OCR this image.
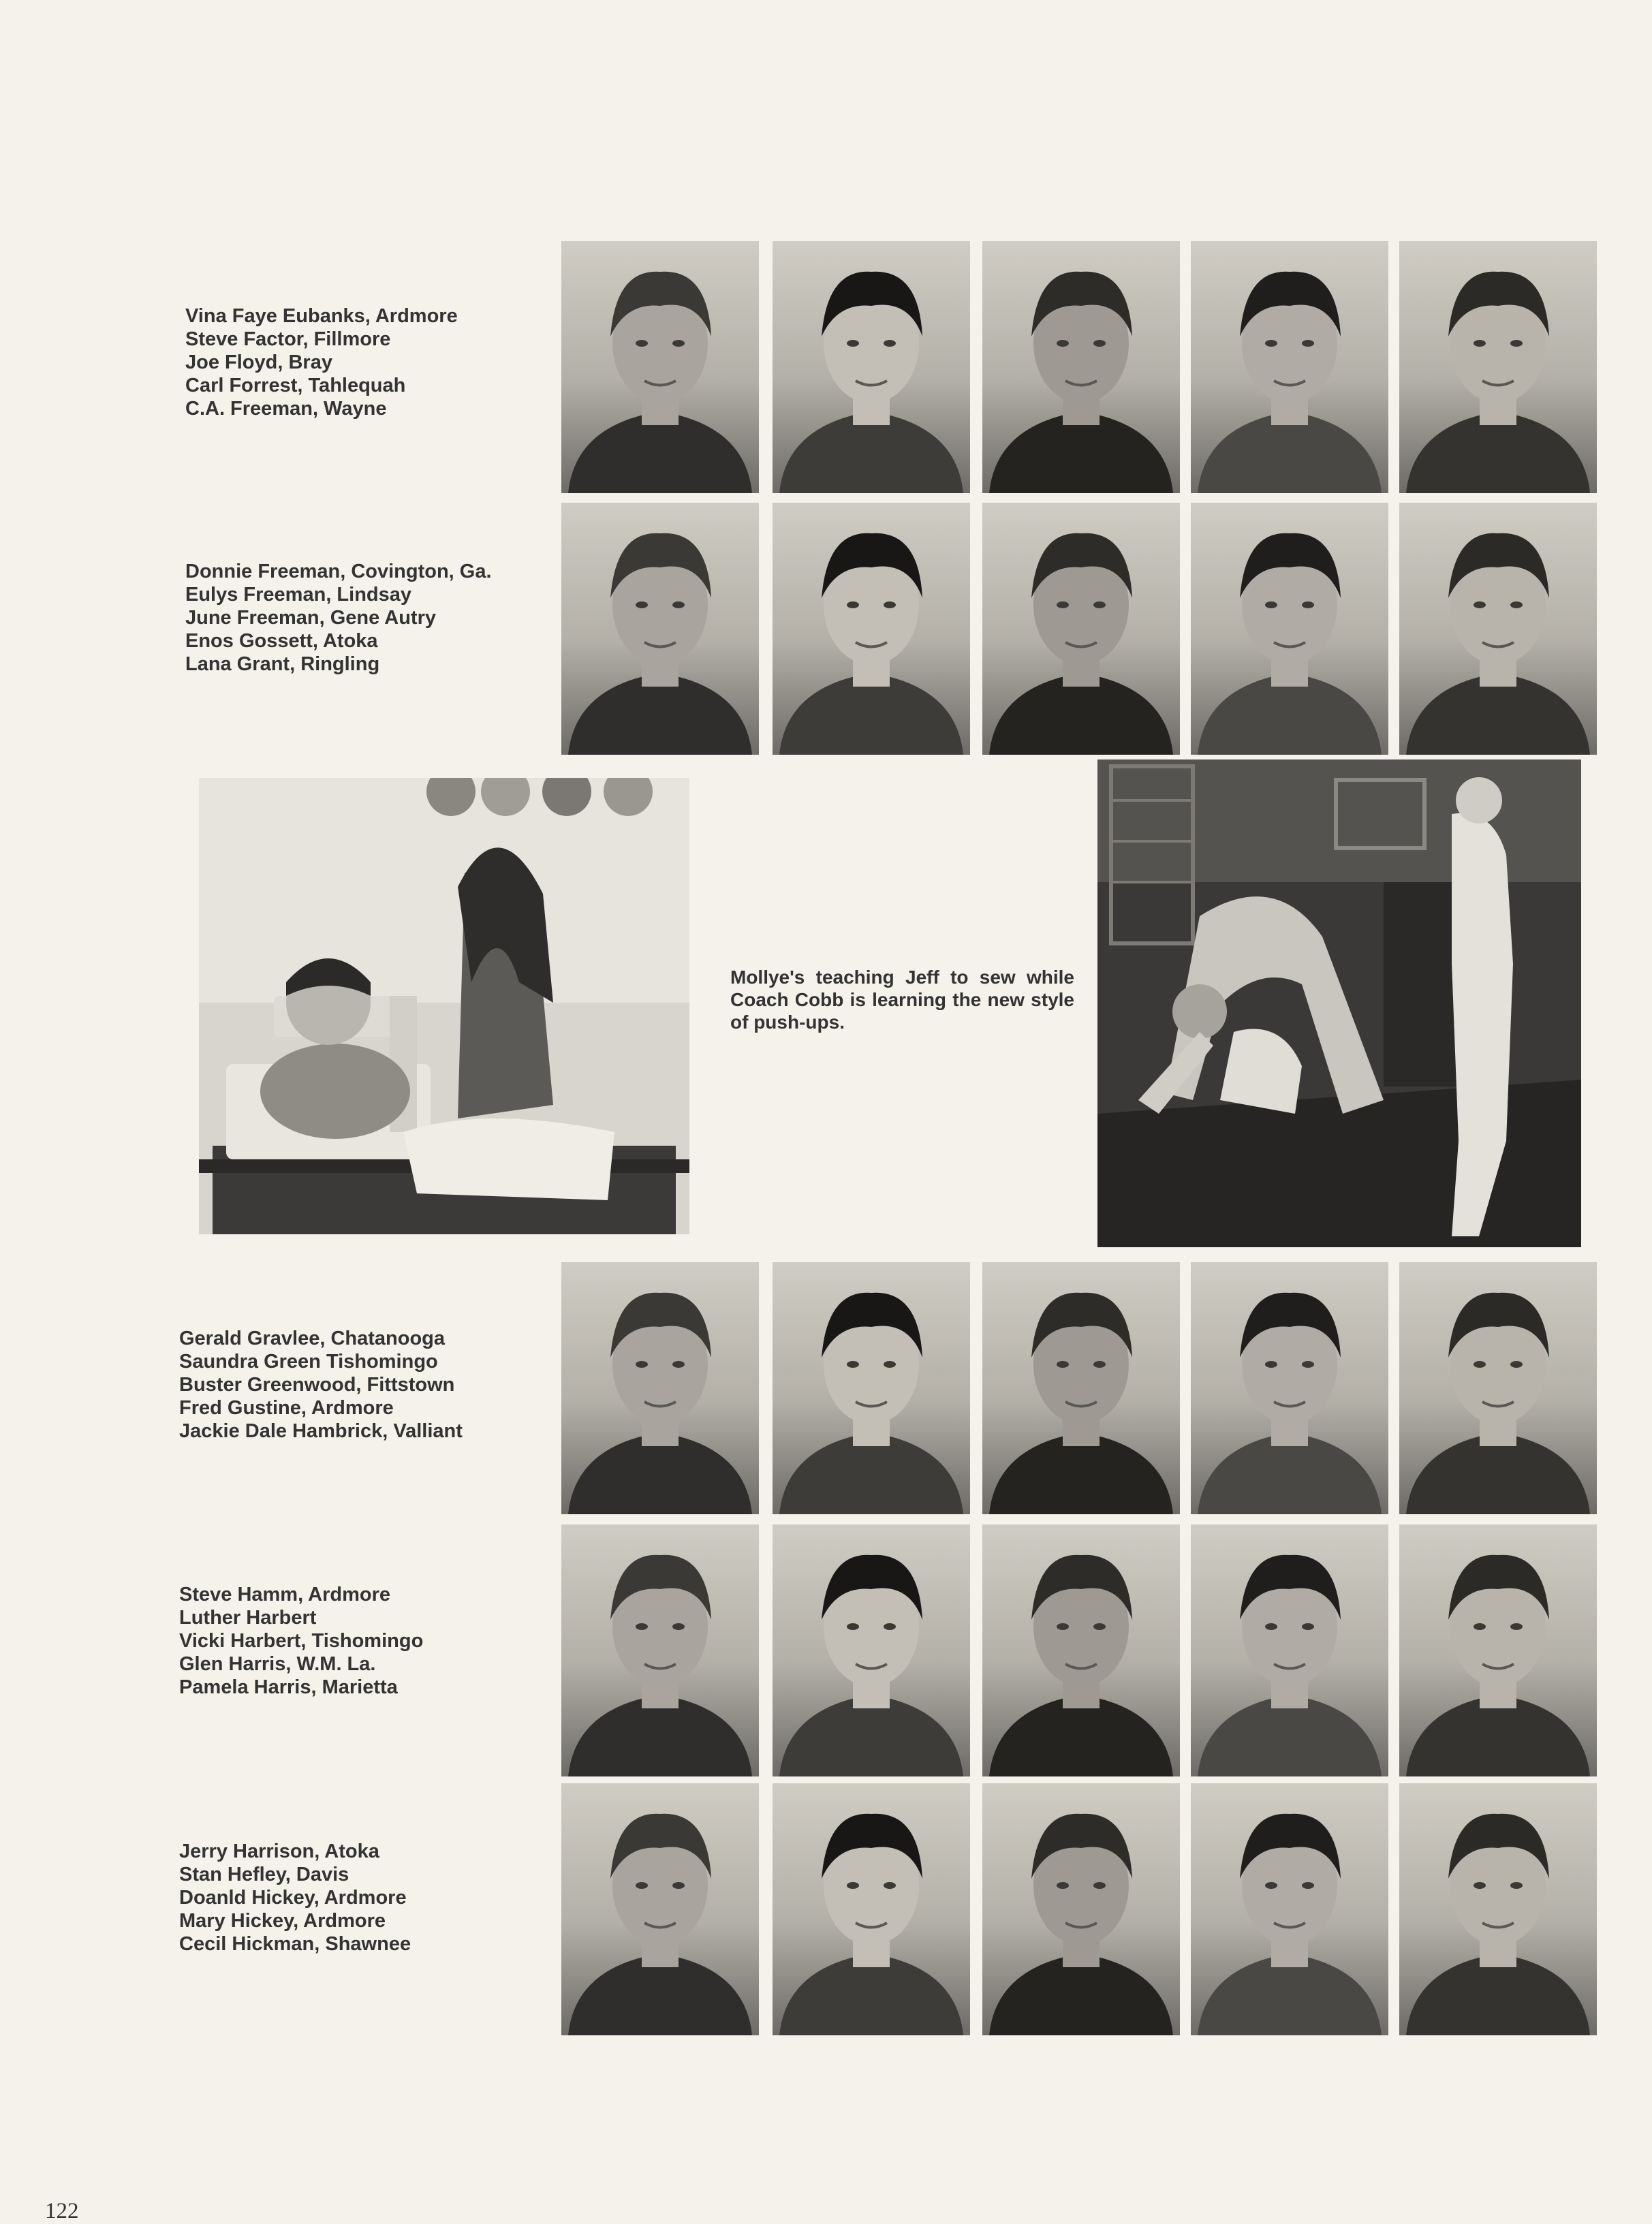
Vina Faye Eubanks, Ardmore
Steve Factor, Fillmore
Joe Floyd, Bray
Carl Forrest, Tahlequah
C.A. Freeman, Wayne
Donnie Freeman, Covington, Ga.
Eulys Freeman, Lindsay
June Freeman, Gene Autry
Enos Gossett, Atoka
Lana Grant, Ringling
Gerald Gravlee, Chatanooga
Saundra Green Tishomingo
Buster Greenwood, Fittstown
Fred Gustine, Ardmore
Jackie Dale Hambrick, Valliant
Steve Hamm, Ardmore
Luther Harbert
Vicki Harbert, Tishomingo
Glen Harris, W.M. La.
Pamela Harris, Marietta
Jerry Harrison, Atoka
Stan Hefley, Davis
Doanld Hickey, Ardmore
Mary Hickey, Ardmore
Cecil Hickman, Shawnee
Mollye's teaching Jeff to sew while Coach Cobb is learning the new style of push-ups.
122
